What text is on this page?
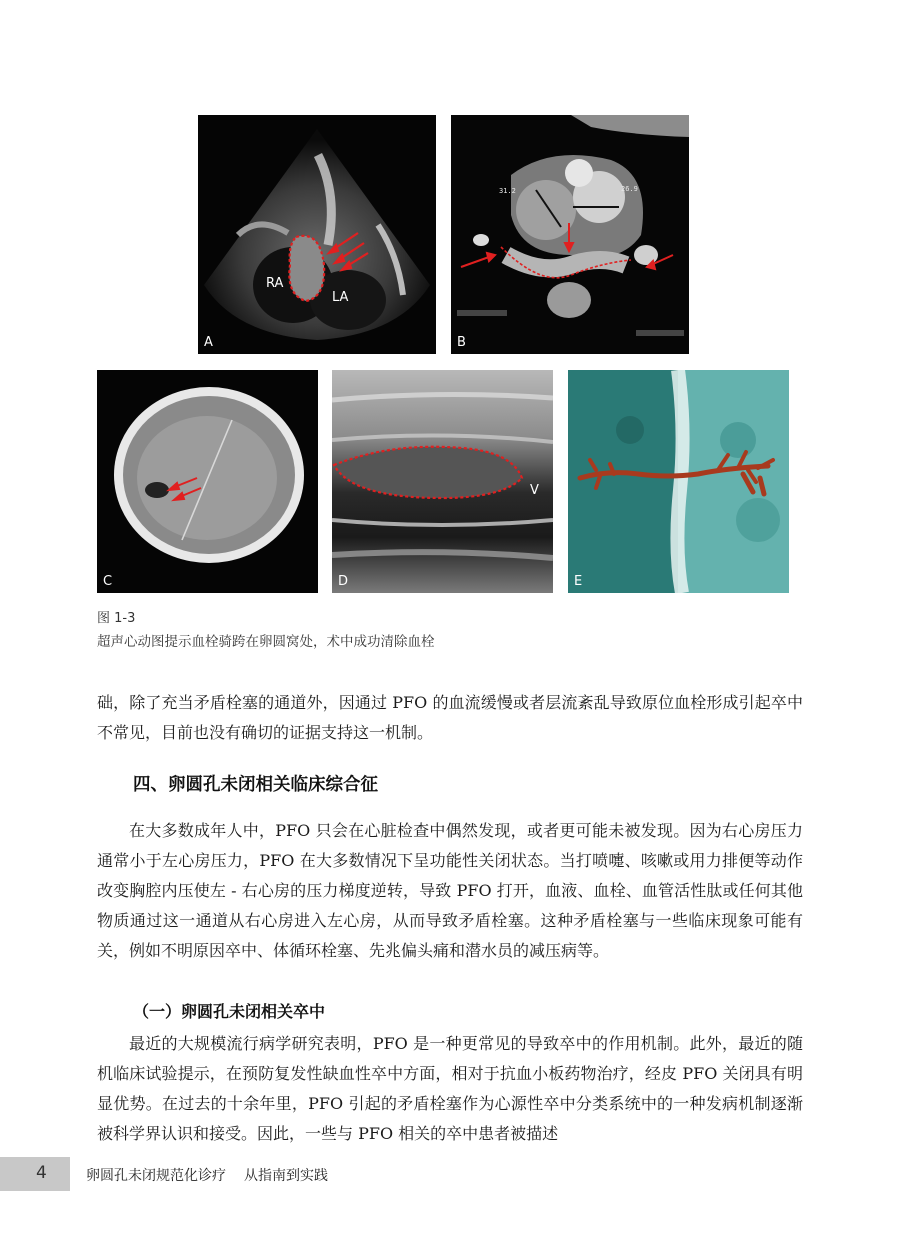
RA
LA
A
31.2	26.9
B
C
V
D	E
图 1-3
超声心动图提示血栓骑跨在卵圆窝处，术中成功清除血栓

础，除了充当矛盾栓塞的通道外，因通过 PFO 的血流缓慢或者层流紊乱导致原位血栓形成引起卒中不常见，目前也没有确切的证据支持这一机制。

四、卵圆孔未闭相关临床综合征

在大多数成年人中，PFO 只会在心脏检查中偶然发现，或者更可能未被发现。因为右心房压力通常小于左心房压力，PFO 在大多数情况下呈功能性关闭状态。当打喷嚏、咳嗽或用力排便等动作改变胸腔内压使左 - 右心房的压力梯度逆转，导致 PFO 打开，血液、血栓、血管活性肽或任何其他物质通过这一通道从右心房进入左心房，从而导致矛盾栓塞。这种矛盾栓塞与一些临床现象可能有关，例如不明原因卒中、体循环栓塞、先兆偏头痛和潜水员的减压病等。

（一）卵圆孔未闭相关卒中

最近的大规模流行病学研究表明，PFO 是一种更常见的导致卒中的作用机制。此外，最近的随机临床试验提示，在预防复发性缺血性卒中方面，相对于抗血小板药物治疗，经皮 PFO 关闭具有明显优势。在过去的十余年里，PFO 引起的矛盾栓塞作为心源性卒中分类系统中的一种发病机制逐渐被科学界认识和接受。因此，一些与 PFO 相关的卒中患者被描述

4	卵圆孔未闭规范化诊疗 从指南到实践
